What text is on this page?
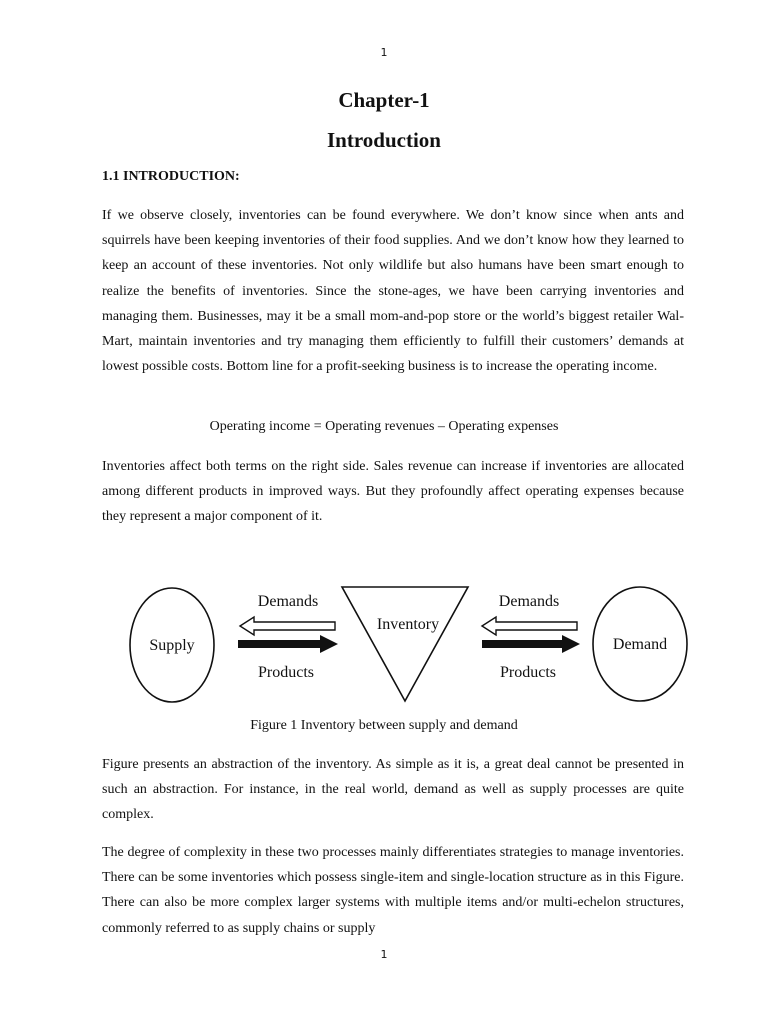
1
Chapter-1
Introduction
1.1 INTRODUCTION:

If we observe closely, inventories can be found everywhere. We don’t know since when ants and squirrels have been keeping inventories of their food supplies. And we don’t know how they learned to keep an account of these inventories. Not only wildlife but also humans have been smart enough to realize the benefits of inventories. Since the stone-ages, we have been carrying inventories and managing them. Businesses, may it be a small mom-and-pop store or the world’s biggest retailer Wal-Mart, maintain inventories and try managing them efficiently to fulfill their customers’ demands at lowest possible costs. Bottom line for a profit-seeking business is to increase the operating income.

Operating income = Operating revenues – Operating expenses

Inventories affect both terms on the right side. Sales revenue can increase if inventories are allocated among different products in improved ways. But they profoundly affect operating expenses because they represent a major component of it.

Supply
Demands
Products
Inventory
Demands
Products
Demand
Figure 1 Inventory between supply and demand

Figure presents an abstraction of the inventory. As simple as it is, a great deal cannot be presented in such an abstraction. For instance, in the real world, demand as well as supply processes are quite complex.

The degree of complexity in these two processes mainly differentiates strategies to manage inventories. There can be some inventories which possess single-item and single-location structure as in this Figure. There can also be more complex larger systems with multiple items and/or multi-echelon structures, commonly referred to as supply chains or supply

1
